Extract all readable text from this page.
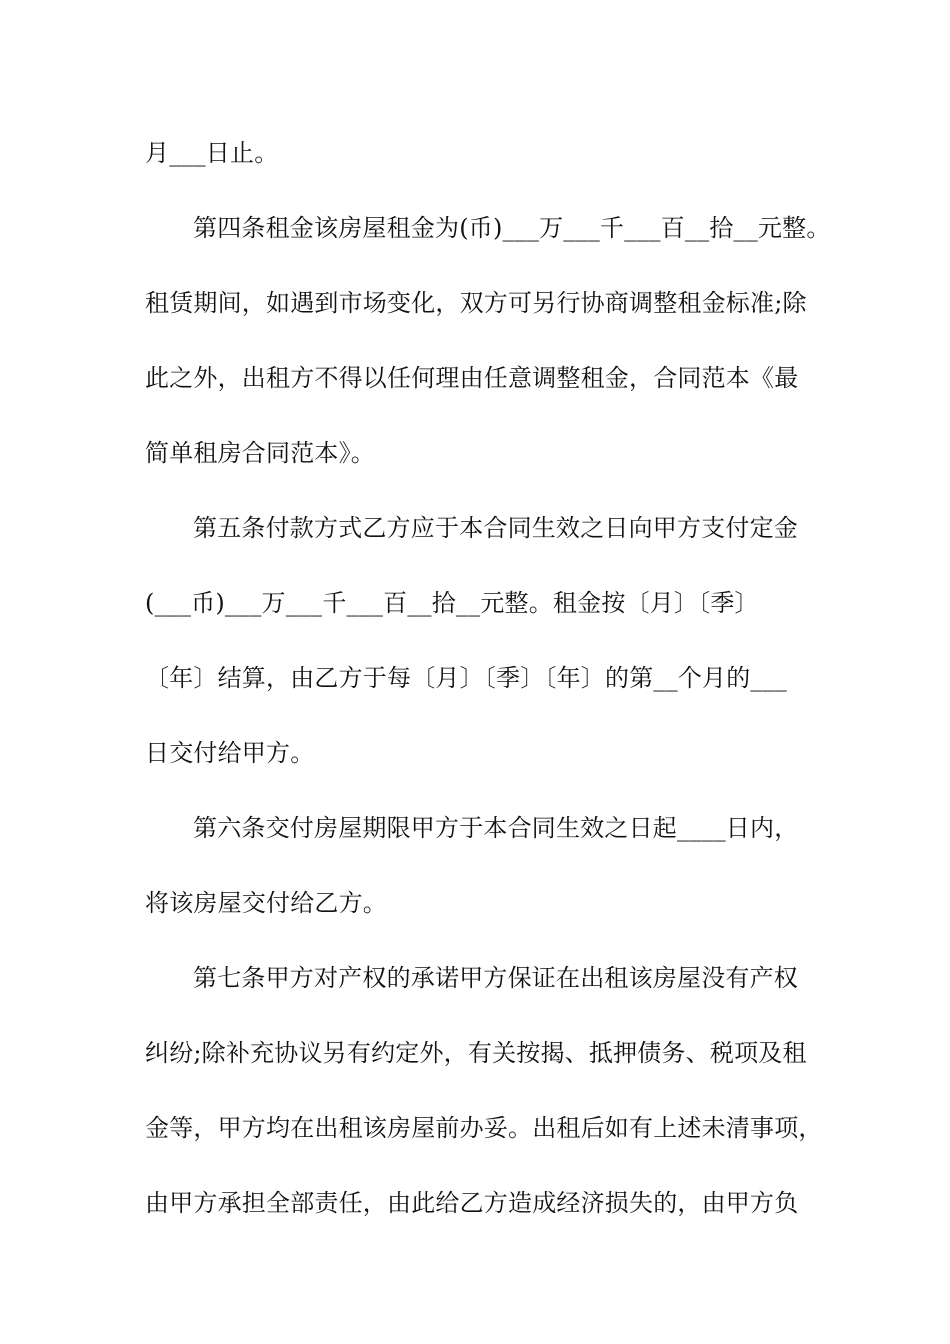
月___日止。
第四条租金该房屋租金为(币)___万___千___百__拾__元整。
租赁期间，如遇到市场变化，双方可另行协商调整租金标准;除
此之外，出租方不得以任何理由任意调整租金，合同范本《最
简单租房合同范本》。
第五条付款方式乙方应于本合同生效之日向甲方支付定金
(___币)___万___千___百__拾__元整。租金按〔月〕〔季〕
〔年〕结算，由乙方于每〔月〕〔季〕〔年〕的第__个月的___
日交付给甲方。
第六条交付房屋期限甲方于本合同生效之日起____日内，
将该房屋交付给乙方。
第七条甲方对产权的承诺甲方保证在出租该房屋没有产权
纠纷;除补充协议另有约定外，有关按揭、抵押债务、税项及租
金等，甲方均在出租该房屋前办妥。出租后如有上述未清事项，
由甲方承担全部责任，由此给乙方造成经济损失的，由甲方负
